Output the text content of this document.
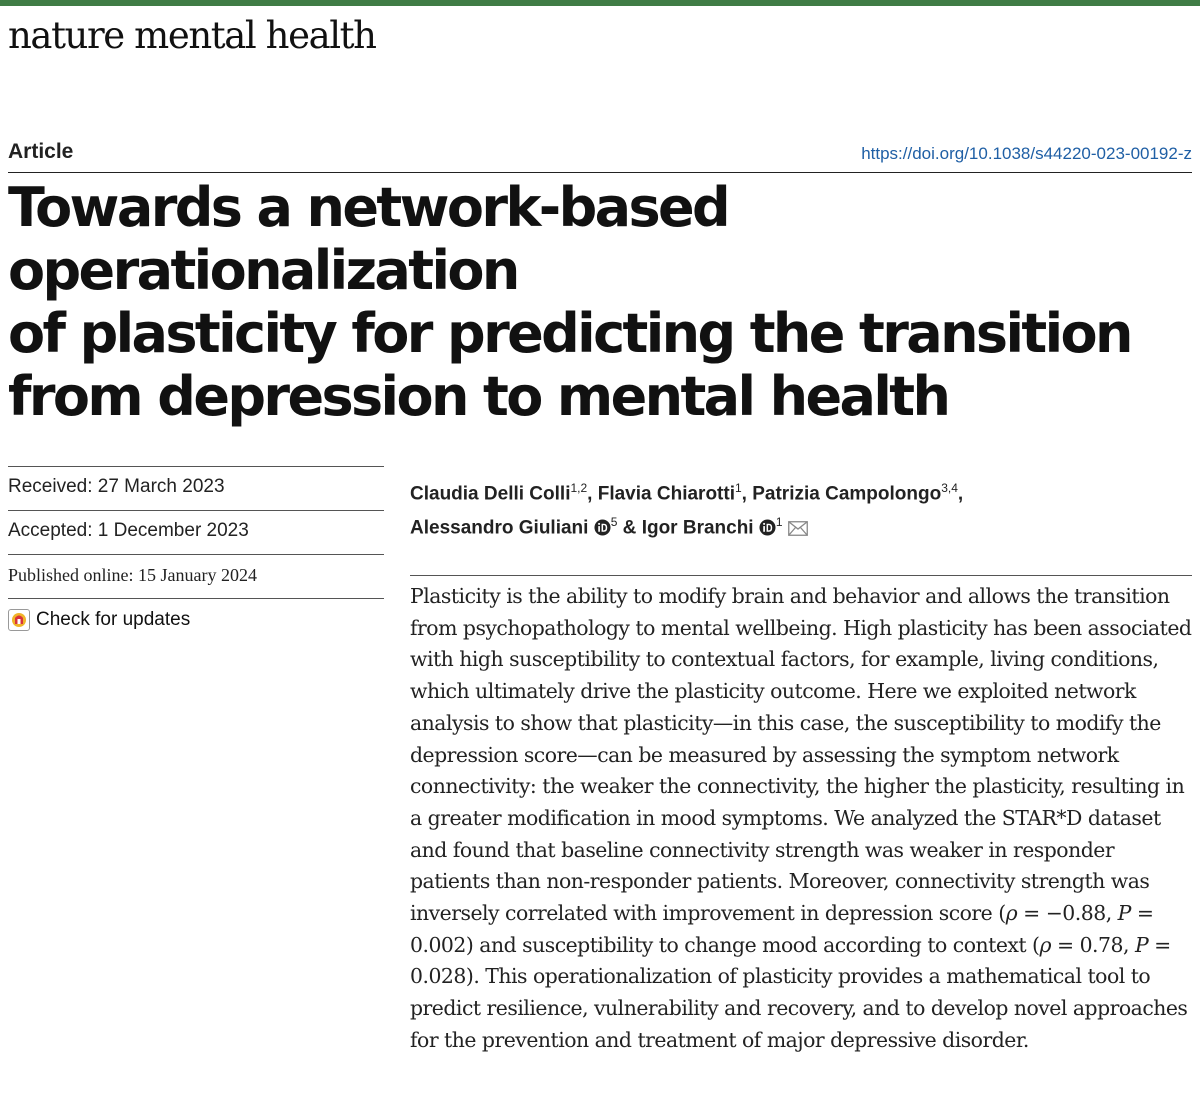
nature mental health
Article	https://doi.org/10.1038/s44220-023-00192-z
Towards a network-based operationalization
of plasticity for predicting the transition
from depression to mental health
Received: 27 March 2023
Accepted: 1 December 2023
Published online: 15 January 2024
Check for updates
Claudia Delli Colli$^{1,2}$, Flavia Chiarotti$^1$, Patrizia Campolongo$^{3,4}$,
Alessandro Giuliani $^5$ & Igor Branchi $^1$

Plasticity is the ability to modify brain and behavior and allows the transition from psychopathology to mental wellbeing. High plasticity has been associated with high susceptibility to contextual factors, for example, living conditions, which ultimately drive the plasticity outcome. Here we exploited network analysis to show that plasticity—in this case, the susceptibility to modify the depression score—can be measured by assessing the symptom network connectivity: the weaker the connectivity, the higher the plasticity, resulting in a greater modification in mood symptoms. We analyzed the STAR*D dataset and found that baseline connectivity strength was weaker in responder patients than non-responder patients. Moreover, connectivity strength was inversely correlated with improvement in depression score (ρ = −0.88, P = 0.002) and susceptibility to change mood according to context (ρ = 0.78, P = 0.028). This operationalization of plasticity provides a mathematical tool to predict resilience, vulnerability and recovery, and to develop novel approaches for the prevention and treatment of major depressive disorder.
